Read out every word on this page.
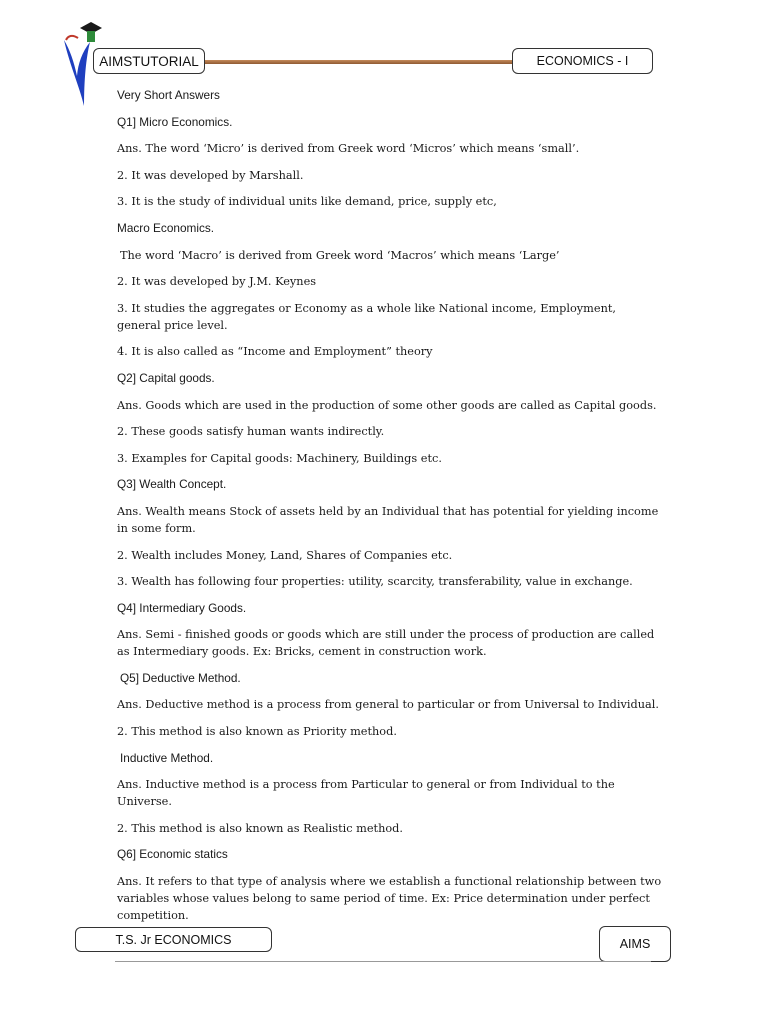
AIMSTUTORIAL	ECONOMICS - I

Very Short Answers

Q1] Micro Economics.

Ans. The word ‘Micro’ is derived from Greek word ‘Micros’ which means ‘small’.

2. It was developed by Marshall.

3. It is the study of individual units like demand, price, supply etc,

Macro Economics.

The word ‘Macro’ is derived from Greek word ‘Macros’ which means ‘Large’

2. It was developed by J.M. Keynes

3. It studies the aggregates or Economy as a whole like National income, Employment, general price level.

4. It is also called as “Income and Employment” theory

Q2] Capital goods.

Ans. Goods which are used in the production of some other goods are called as Capital goods.

2. These goods satisfy human wants indirectly.

3. Examples for Capital goods: Machinery, Buildings etc.

Q3] Wealth Concept.

Ans. Wealth means Stock of assets held by an Individual that has potential for yielding income in some form.

2. Wealth includes Money, Land, Shares of Companies etc.

3. Wealth has following four properties: utility, scarcity, transferability, value in exchange.

Q4] Intermediary Goods.

Ans. Semi - finished goods or goods which are still under the process of production are called as Intermediary goods. Ex: Bricks, cement in construction work.

Q5] Deductive Method.

Ans. Deductive method is a process from general to particular or from Universal to Individual.

2. This method is also known as Priority method.

Inductive Method.

Ans. Inductive method is a process from Particular to general or from Individual to the Universe.

2. This method is also known as Realistic method.

Q6] Economic statics

Ans. It refers to that type of analysis where we establish a functional relationship between two variables whose values belong to same period of time. Ex: Price determination under perfect competition.

T.S. Jr ECONOMICS	AIMS
